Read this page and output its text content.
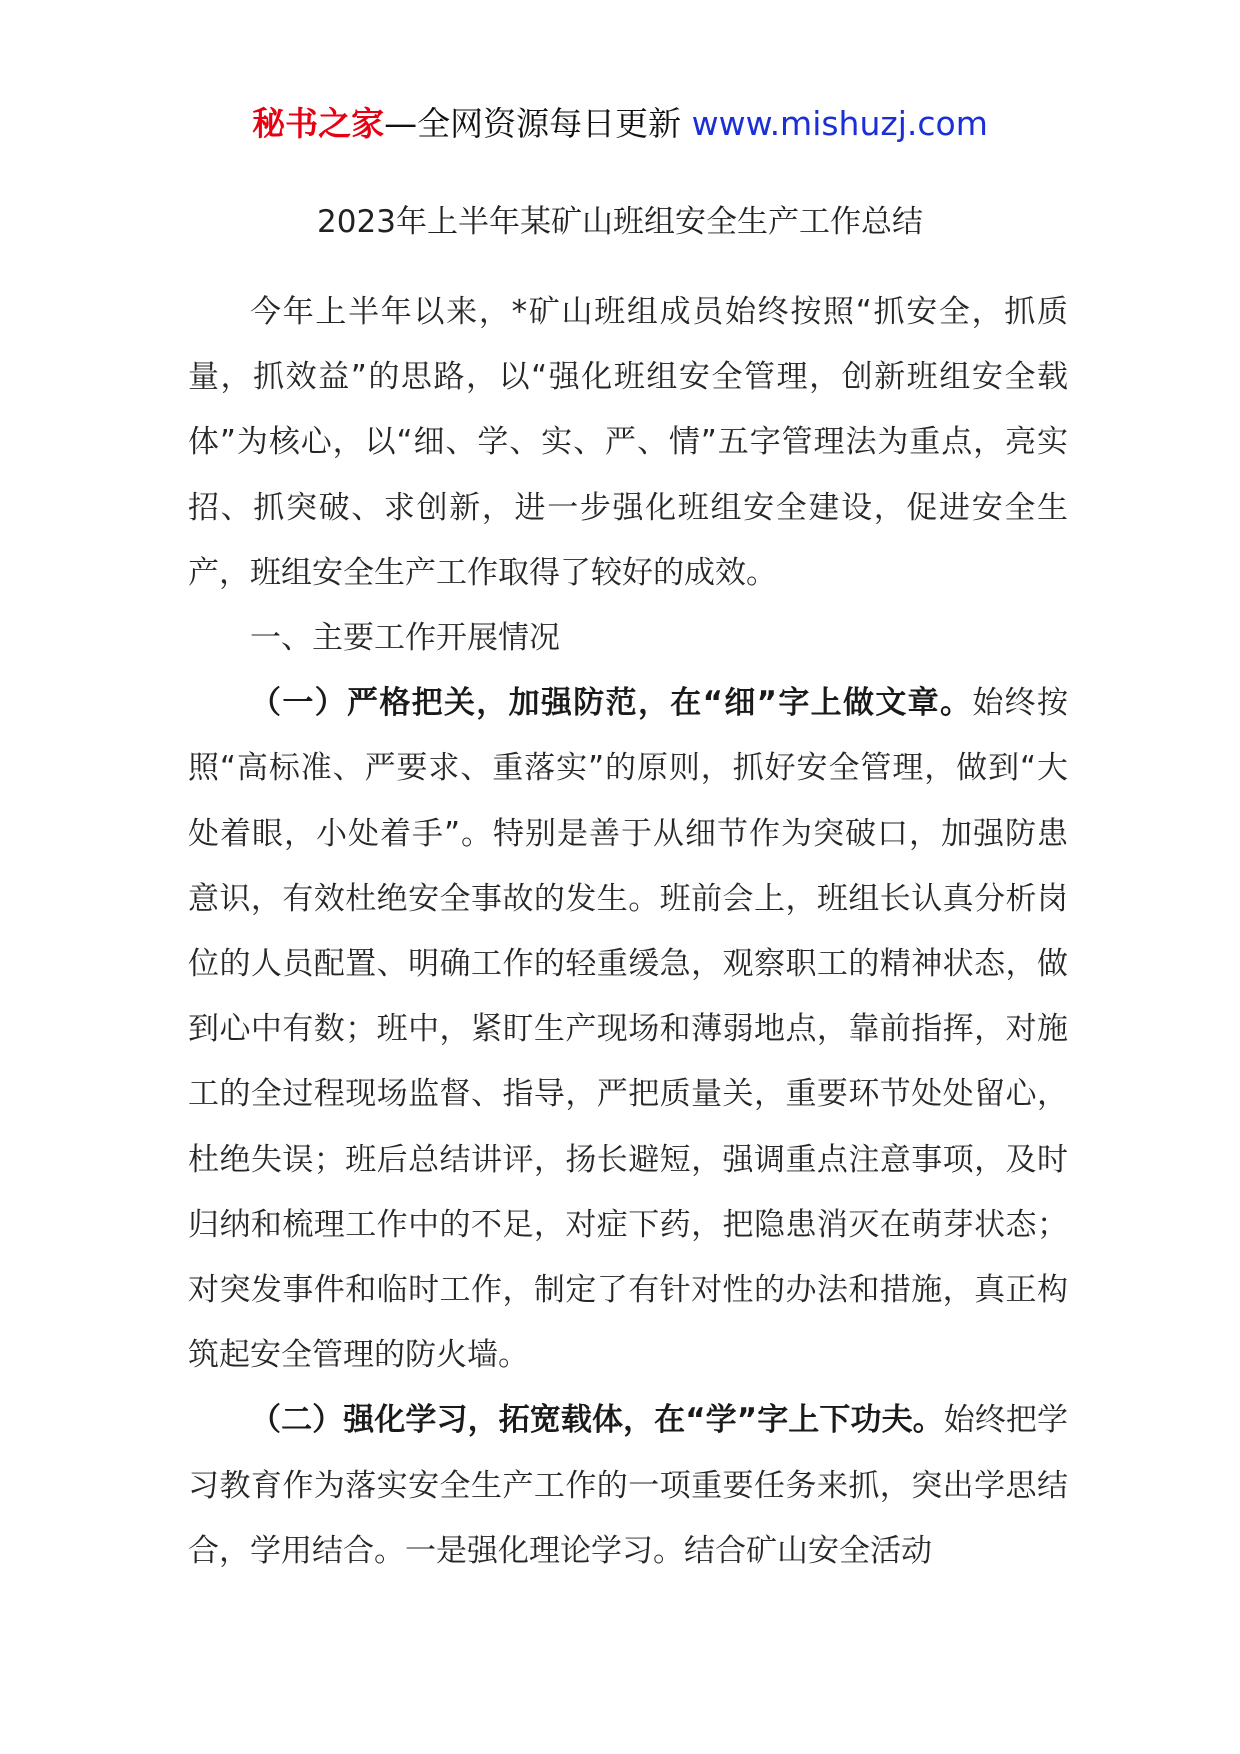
秘书之家—全网资源每日更新 www.mishuzj.com
2023年上半年某矿山班组安全生产工作总结

今年上半年以来，*矿山班组成员始终按照“抓安全，抓质量，抓效益”的思路，以“强化班组安全管理，创新班组安全载体”为核心，以“细、学、实、严、情”五字管理法为重点，亮实招、抓突破、求创新，进一步强化班组安全建设，促进安全生产，班组安全生产工作取得了较好的成效。

一、主要工作开展情况

（一）严格把关，加强防范，在“细”字上做文章。始终按照“高标准、严要求、重落实”的原则，抓好安全管理，做到“大处着眼，小处着手”。特别是善于从细节作为突破口，加强防患意识，有效杜绝安全事故的发生。班前会上，班组长认真分析岗位的人员配置、明确工作的轻重缓急，观察职工的精神状态，做到心中有数；班中，紧盯生产现场和薄弱地点，靠前指挥，对施工的全过程现场监督、指导，严把质量关，重要环节处处留心，杜绝失误；班后总结讲评，扬长避短，强调重点注意事项，及时归纳和梳理工作中的不足，对症下药，把隐患消灭在萌芽状态；对突发事件和临时工作，制定了有针对性的办法和措施，真正构筑起安全管理的防火墙。

（二）强化学习，拓宽载体，在“学”字上下功夫。始终把学习教育作为落实安全生产工作的一项重要任务来抓，突出学思结合，学用结合。一是强化理论学习。结合矿山安全活动
